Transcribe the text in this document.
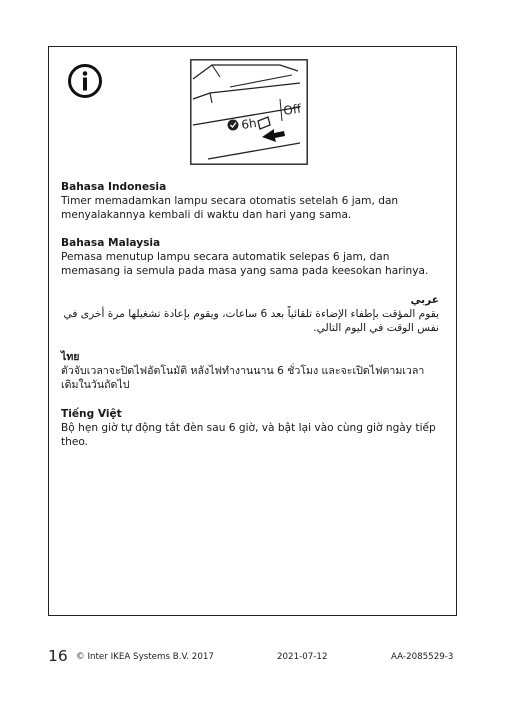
6h
Off
Bahasa Indonesia
Timer memadamkan lampu secara otomatis setelah 6 jam, dan menyalakannya kembali di waktu dan hari yang sama.
Bahasa Malaysia
Pemasa menutup lampu secara automatik selepas 6 jam, dan memasang ia semula pada masa yang sama pada keesokan harinya.
عربي
يقوم المؤقت بإطفاء الإضاءة تلقائياً بعد 6 ساعات، ويقوم بإعادة تشغيلها مرة أخرى في نفس الوقت في اليوم التالي.
ไทย
ตัวจับเวลาจะปิดไฟอัตโนมัติ หลังไฟทำงานนาน 6 ชั่วโมง และจะเปิดไฟตามเวลาเดิมในวันถัดไป
Tiếng Việt
Bộ hẹn giờ tự động tắt đèn sau 6 giờ, và bật lại vào cùng giờ ngày tiếp theo.
16 © Inter IKEA Systems B.V. 2017	2021-07-12	AA-2085529-3
